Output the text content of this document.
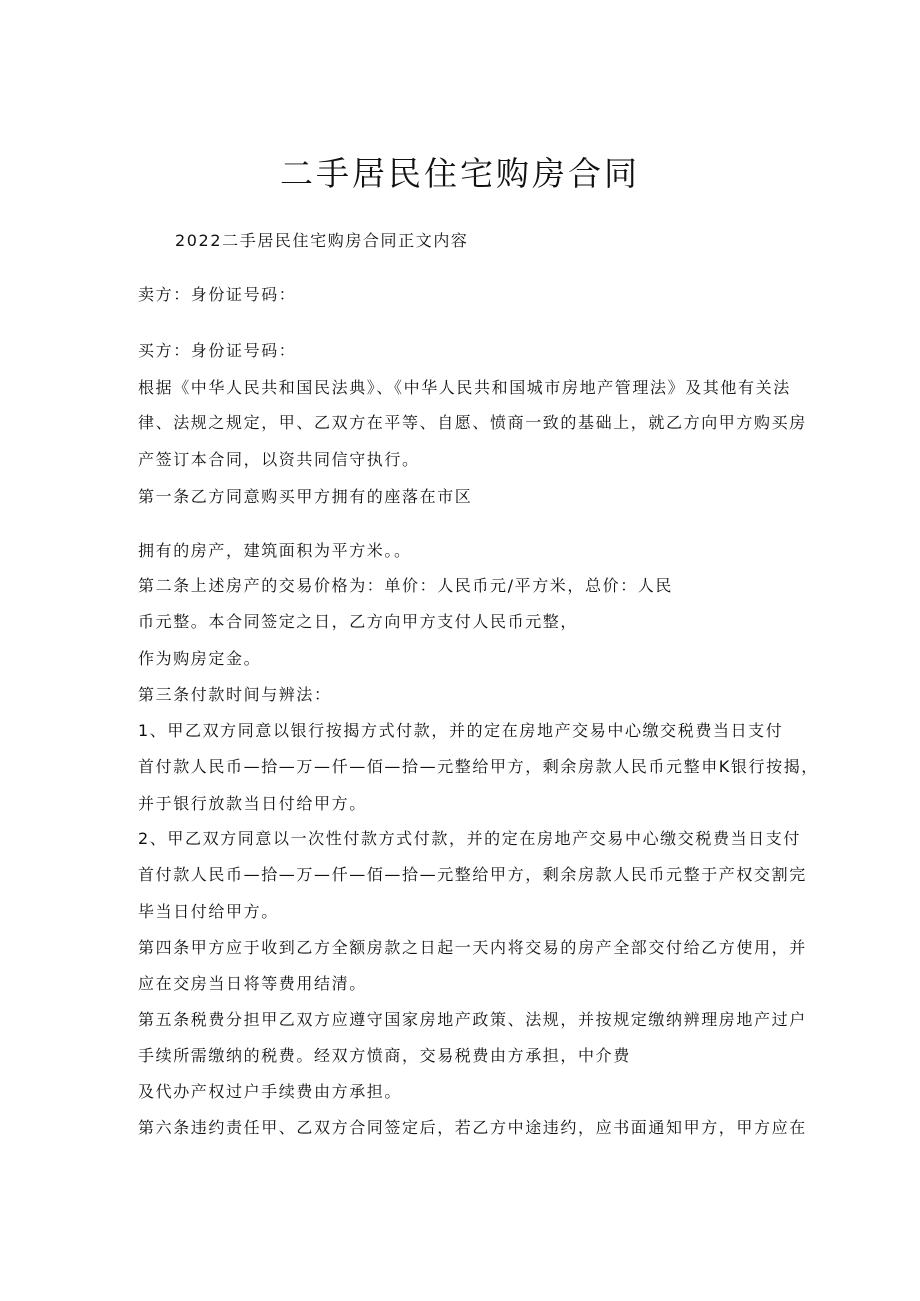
二手居民住宅购房合同
2022二手居民住宅购房合同正文内容
卖方：身份证号码：
买方：身份证号码：
根据《中华人民共和国民法典》、《中华人民共和国城市房地产管理法》及其他有关法
律、法规之规定，甲、乙双方在平等、自愿、愤商一致的基础上，就乙方向甲方购买房
产签订本合同，以资共同信守执行。
第一条乙方同意购买甲方拥有的座落在市区
拥有的房产，建筑面积为平方米。。
第二条上述房产的交易价格为：单价：人民币元/平方米，总价：人民
币元整。本合同签定之日，乙方向甲方支付人民币元整，
作为购房定金。
第三条付款时间与辨法：
1、甲乙双方同意以银行按揭方式付款，并的定在房地产交易中心缴交税费当日支付
首付款人民币—拾—万—仟—佰—拾—元整给甲方，剩余房款人民币元整申K银行按揭，
并于银行放款当日付给甲方。
2、甲乙双方同意以一次性付款方式付款，并的定在房地产交易中心缴交税费当日支付
首付款人民币—拾—万—仟—佰—拾—元整给甲方，剩余房款人民币元整于产权交割完
毕当日付给甲方。
第四条甲方应于收到乙方全额房款之日起一天内将交易的房产全部交付给乙方使用，并
应在交房当日将等费用结清。
第五条税费分担甲乙双方应遵守国家房地产政策、法规，并按规定缴纳辨理房地产过户
手续所需缴纳的税费。经双方愤商，交易税费由方承担，中介费
及代办产权过户手续费由方承担。
第六条违约责任甲、乙双方合同签定后，若乙方中途违约，应书面通知甲方，甲方应在
